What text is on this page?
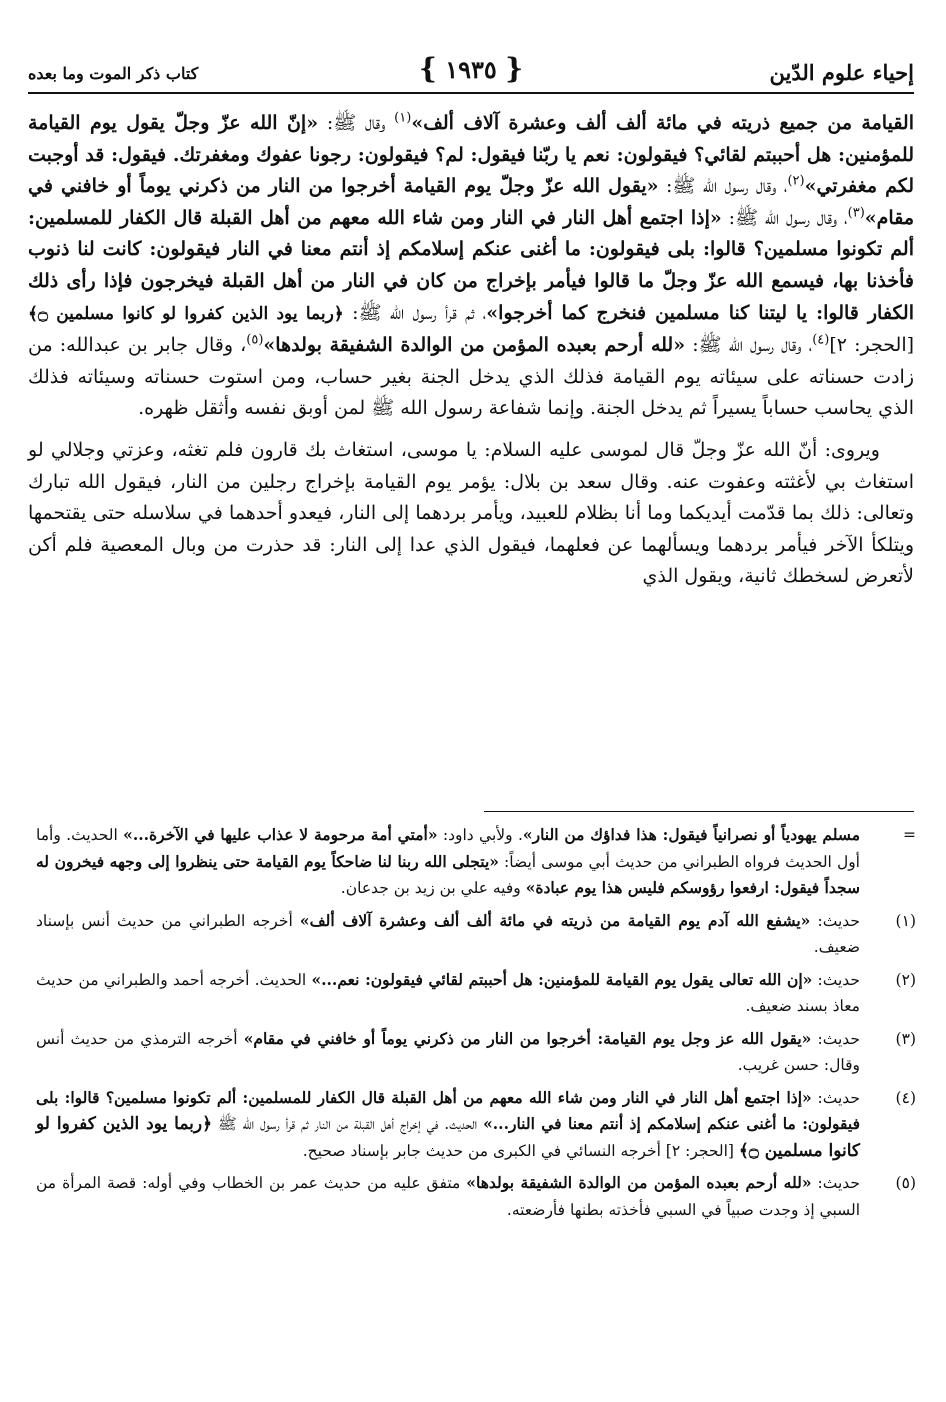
إحياء علوم الدّين
{ ١٩٣٥ }
كتاب ذكر الموت وما بعده

القيامة من جميع ذريته في مائة ألف ألف وعشرة آلاف ألف»$^{(١)}$ وقال ﷺ: «إنّ الله عزّ وجلّ يقول يوم القيامة للمؤمنين: هل أحببتم لقائي؟ فيقولون: نعم يا ربّنا فيقول: لم؟ فيقولون: رجونا عفوك ومغفرتك. فيقول: قد أوجبت لكم مغفرتي»$^{(٢)}$، وقال رسول الله ﷺ: «يقول الله عزّ وجلّ يوم القيامة أخرجوا من النار من ذكرني يوماً أو خافني في مقام»$^{(٣)}$، وقال رسول الله ﷺ: «إذا اجتمع أهل النار في النار ومن شاء الله معهم من أهل القبلة قال الكفار للمسلمين: ألم تكونوا مسلمين؟ قالوا: بلى فيقولون: ما أغنى عنكم إسلامكم إذ أنتم معنا في النار فيقولون: كانت لنا ذنوب فأخذنا بها، فيسمع الله عزّ وجلّ ما قالوا فيأمر بإخراج من كان في النار من أهل القبلة فيخرجون فإذا رأى ذلك الكفار قالوا: يا ليتنا كنا مسلمين فنخرج كما أخرجوا»، ثم قرأ رسول الله ﷺ: ﴿ربما يود الذين كفروا لو كانوا مسلمين ۝﴾ [الحجر: ٢]$^{(٤)}$، وقال رسول الله ﷺ: «لله أرحم بعبده المؤمن من الوالدة الشفيقة بولدها»$^{(٥)}$، وقال جابر بن عبدالله: من زادت حسناته على سيئاته يوم القيامة فذلك الذي يدخل الجنة بغير حساب، ومن استوت حسناته وسيئاته فذلك الذي يحاسب حساباً يسيراً ثم يدخل الجنة. وإنما شفاعة رسول الله ﷺ لمن أوبق نفسه وأثقل ظهره.

ويروى: أنّ الله عزّ وجلّ قال لموسى عليه السلام: يا موسى، استغاث بك قارون فلم تغثه، وعزتي وجلالي لو استغاث بي لأغثته وعفوت عنه. وقال سعد بن بلال: يؤمر يوم القيامة بإخراج رجلين من النار، فيقول الله تبارك وتعالى: ذلك بما قدّمت أيديكما وما أنا بظلام للعبيد، ويأمر بردهما إلى النار، فيعدو أحدهما في سلاسله حتى يقتحمها ويتلكأ الآخر فيأمر بردهما ويسألهما عن فعلهما، فيقول الذي عدا إلى النار: قد حذرت من وبال المعصية فلم أكن لأتعرض لسخطك ثانية، ويقول الذي

=
مسلم يهودياً أو نصرانياً فيقول: هذا فداؤك من النار». ولأبي داود: «أمتي أمة مرحومة لا عذاب عليها في الآخرة...» الحديث. وأما أول الحديث فرواه الطبراني من حديث أبي موسى أيضاً: «يتجلى الله ربنا لنا ضاحكاً يوم القيامة حتى ينظروا إلى وجهه فيخرون له سجداً فيقول: ارفعوا رؤوسكم فليس هذا يوم عبادة» وفيه علي بن زيد بن جدعان.
(١)
حديث: «يشفع الله آدم يوم القيامة من ذريته في مائة ألف ألف وعشرة آلاف ألف» أخرجه الطبراني من حديث أنس بإسناد ضعيف.
(٢)
حديث: «إن الله تعالى يقول يوم القيامة للمؤمنين: هل أحببتم لقائي فيقولون: نعم...» الحديث. أخرجه أحمد والطبراني من حديث معاذ بسند ضعيف.
(٣)
حديث: «يقول الله عز وجل يوم القيامة: أخرجوا من النار من ذكرني يوماً أو خافني في مقام» أخرجه الترمذي من حديث أنس وقال: حسن غريب.
(٤)
حديث: «إذا اجتمع أهل النار في النار ومن شاء الله معهم من أهل القبلة قال الكفار للمسلمين: ألم تكونوا مسلمين؟ قالوا: بلى فيقولون: ما أغنى عنكم إسلامكم إذ أنتم معنا في النار...» الحديث. في إخراج أهل القبلة من النار ثم قرأ رسول الله ﷺ ﴿ربما يود الذين كفروا لو كانوا مسلمين ۝﴾ [الحجر: ٢] أخرجه النسائي في الكبرى من حديث جابر بإسناد صحيح.
(٥)
حديث: «لله أرحم بعبده المؤمن من الوالدة الشفيقة بولدها» متفق عليه من حديث عمر بن الخطاب وفي أوله: قصة المرأة من السبي إذ وجدت صبياً في السبي فأخذته بطنها فأرضعته.
